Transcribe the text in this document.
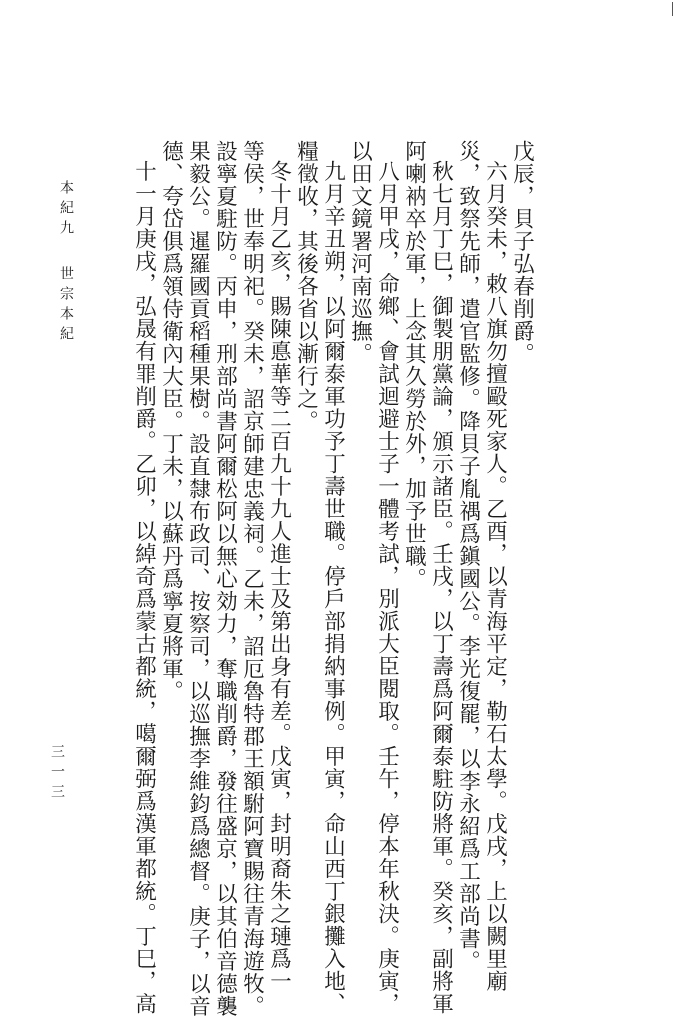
戊辰，貝子弘春削爵。
六月癸未，敕八旗勿擅毆死家人。乙酉，以青海平定，勒石太學。戊戌，上以闕里廟
災，致祭先師，遣官監修。降貝子胤禑爲鎭國公。李光復罷，以李永紹爲工部尚書。
秋七月丁巳，御製朋黨論，頒示諸臣。壬戌，以丁壽爲阿爾泰駐防將軍。癸亥，副將軍
阿喇衲卒於軍，上念其久勞於外，加予世職。
八月甲戌，命鄉、會試迴避士子一體考試，別派大臣閱取。壬午，停本年秋決。庚寅，
以田文鏡署河南巡撫。
九月辛丑朔，以阿爾泰軍功予丁壽世職。停戶部捐納事例。甲寅，命山西丁銀攤入地、
糧徵收，其後各省以漸行之。
冬十月乙亥，賜陳悳華等二百九十九人進士及第出身有差。戊寅，封明裔朱之璉爲一
等侯，世奉明祀。癸未，詔京師建忠義祠。乙未，詔厄魯特郡王額駙阿寶賜往青海遊牧。
設寧夏駐防。丙申，刑部尚書阿爾松阿以無心効力，奪職削爵，發往盛京，以其伯音德襲
果毅公。暹羅國貢稻種果樹。設直隸布政司、按察司，以巡撫李維鈞爲總督。庚子，以音
德、夸岱俱爲領侍衛內大臣。丁未，以蘇丹爲寧夏將軍。
十一月庚戌，弘晟有罪削爵。乙卯，以綽奇爲蒙古都統，噶爾弼爲漢軍都統。丁巳，高
本紀九世宗本紀
三一三
